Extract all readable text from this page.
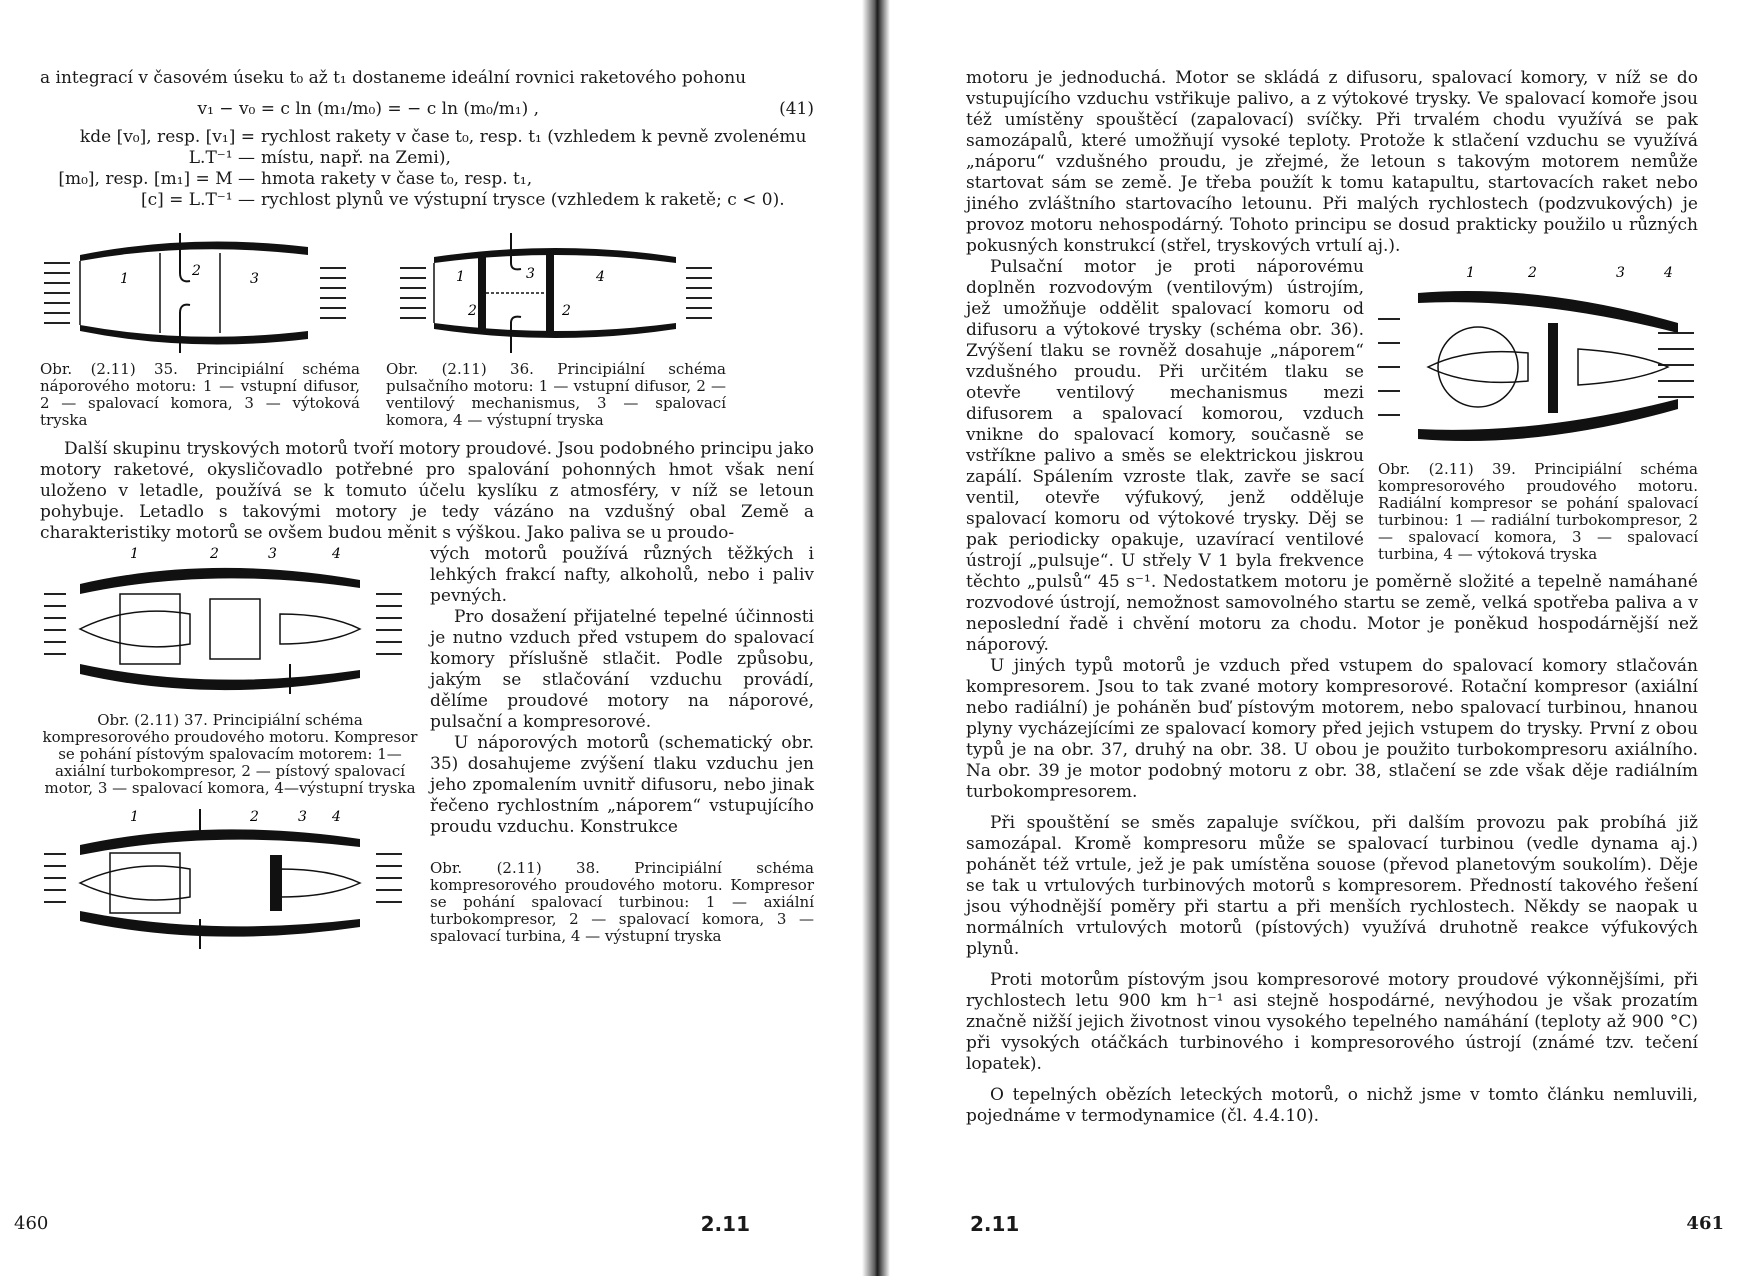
a integrací v časovém úseku t₀ až t₁ dostaneme ideální rovnici raketového pohonu

v₁ − v₀ = c ln (m₁/m₀) = − c ln (m₀/m₁) ,	(41)
kde [v₀], resp. [v₁] = L.T⁻¹ —
rychlost rakety v čase t₀, resp. t₁ (vzhledem k pevně zvolenému místu, např. na Zemi),
[m₀], resp. [m₁] = M — hmota rakety v čase t₀, resp. t₁,
[c] = L.T⁻¹ — rychlost plynů ve výstupní trysce (vzhledem k raketě; c < 0).
1	2	3
Obr. (2.11) 35. Principiální schéma náporového motoru: 1 — vstupní difusor, 2 — spalovací komora, 3 — výtoková tryska
1	3	4
2	2
Obr. (2.11) 36. Principiální schéma pulsačního motoru: 1 — vstupní difusor, 2 — ventilový mechanismus, 3 — spalovací komora, 4 — výstupní tryska

Další skupinu tryskových motorů tvoří motory proudové. Jsou podobného principu jako motory raketové, okysličovadlo potřebné pro spalování pohonných hmot však není uloženo v letadle, používá se k tomuto účelu kyslíku z atmosféry, v níž se letoun pohybuje. Letadlo s takovými motory je tedy vázáno na vzdušný obal Země a charakteristiky motorů se ovšem budou měnit s výškou. Jako paliva se u proudo-

1	2	3	4
Obr. (2.11) 37. Principiální schéma kompresorového proudového motoru. Kompresor se pohání pístovým spalovacím motorem: 1—axiální turbokompresor, 2 — pístový spalovací motor, 3 — spalovací komora, 4—výstupní tryska
1	2	3 4

vých motorů používá různých těžkých i lehkých frakcí nafty, alkoholů, nebo i paliv pevných.

Pro dosažení přijatelné tepelné účinnosti je nutno vzduch před vstupem do spalovací komory příslušně stlačit. Podle způsobu, jakým se stlačování vzduchu provádí, dělíme proudové motory na náporové, pulsační a kompresorové.

U náporových motorů (schematický obr. 35) dosahujeme zvýšení tlaku vzduchu jen jeho zpomalením uvnitř difusoru, nebo jinak řečeno rychlostním „náporem“ vstupujícího proudu vzduchu. Konstrukce

Obr. (2.11) 38. Principiální schéma kompresorového proudového motoru. Kompresor se pohání spalovací turbinou: 1 — axiální turbokompresor, 2 — spalovací komora, 3 — spalovací turbina, 4 — výstupní tryska
460	2.11

motoru je jednoduchá. Motor se skládá z difusoru, spalovací komory, v níž se do vstupujícího vzduchu vstřikuje palivo, a z výtokové trysky. Ve spalovací komoře jsou též umístěny spouštěcí (zapalovací) svíčky. Při trvalém chodu využívá se pak samozápalů, které umožňují vysoké teploty. Protože k stlačení vzduchu se využívá „náporu“ vzdušného proudu, je zřejmé, že letoun s takovým motorem nemůže startovat sám se země. Je třeba použít k tomu katapultu, startovacích raket nebo jiného zvláštního startovacího letounu. Při malých rychlostech (podzvukových) je provoz motoru nehospodárný. Tohoto principu se dosud prakticky použilo u různých pokusných konstrukcí (střel, tryskových vrtulí aj.).

1	2	3	4
Obr. (2.11) 39. Principiální schéma kompresorového proudového motoru. Radiální kompresor se pohání spalovací turbinou: 1 — radiální turbokompresor, 2 — spalovací komora, 3 — spalovací turbina, 4 — výtoková tryska

Pulsační motor je proti náporovému doplněn rozvodovým (ventilovým) ústrojím, jež umožňuje oddělit spalovací komoru od difusoru a výtokové trysky (schéma obr. 36). Zvýšení tlaku se rovněž dosahuje „náporem“ vzdušného proudu. Při určitém tlaku se otevře ventilový mechanismus mezi difusorem a spalovací komorou, vzduch vnikne do spalovací komory, současně se vstříkne palivo a směs se elektrickou jiskrou zapálí. Spálením vzroste tlak, zavře se sací ventil, otevře výfukový, jenž odděluje spalovací komoru od výtokové trysky. Děj se pak periodicky opakuje, uzavírací ventilové ústrojí „pulsuje“. U střely V 1 byla frekvence těchto „pulsů“ 45 s⁻¹. Nedostatkem motoru je poměrně složité a tepelně namáhané rozvodové ústrojí, nemožnost samovolného startu se země, velká spotřeba paliva a v neposlední řadě i chvění motoru za chodu. Motor je poněkud hospodárnější než náporový.

U jiných typů motorů je vzduch před vstupem do spalovací komory stlačován kompresorem. Jsou to tak zvané motory kompresorové. Rotační kompresor (axiální nebo radiální) je poháněn buď pístovým motorem, nebo spalovací turbinou, hnanou plyny vycházejícími ze spalovací komory před jejich vstupem do trysky. První z obou typů je na obr. 37, druhý na obr. 38. U obou je použito turbokompresoru axiálního. Na obr. 39 je motor podobný motoru z obr. 38, stlačení se zde však děje radiálním turbokompresorem.

Při spouštění se směs zapaluje svíčkou, při dalším provozu pak probíhá již samozápal. Kromě kompresoru může se spalovací turbinou (vedle dynama aj.) pohánět též vrtule, jež je pak umístěna souose (převod planetovým soukolím). Děje se tak u vrtulových turbinových motorů s kompresorem. Předností takového řešení jsou výhodnější poměry při startu a při menších rychlostech. Někdy se naopak u normálních vrtulových motorů (pístových) využívá druhotně reakce výfukových plynů.

Proti motorům pístovým jsou kompresorové motory proudové výkonnějšími, při rychlostech letu 900 km h⁻¹ asi stejně hospodárné, nevýhodou je však prozatím značně nižší jejich životnost vinou vysokého tepelného namáhání (teploty až 900 °C) při vysokých otáčkách turbinového i kompresorového ústrojí (známé tzv. tečení lopatek).

O tepelných obězích leteckých motorů, o nichž jsme v tomto článku nemluvili, pojednáme v termodynamice (čl. 4.4.10).

2.11	461
